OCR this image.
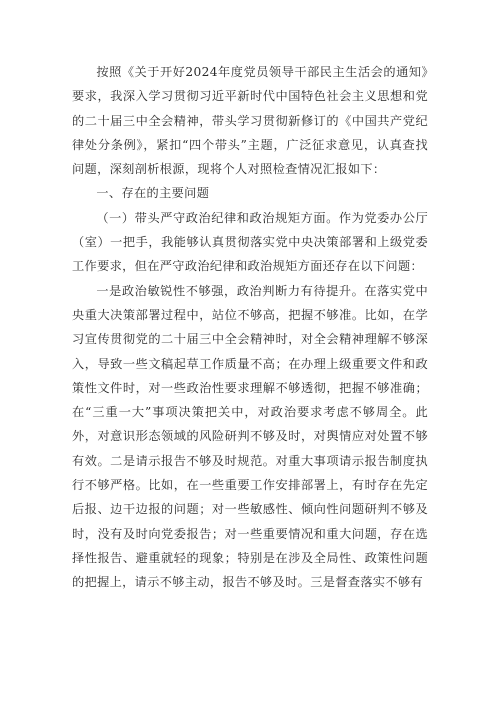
按照《关于开好2024年度党员领导干部民主生活会的通知》要求，我深入学习贯彻习近平新时代中国特色社会主义思想和党的二十届三中全会精神，带头学习贯彻新修订的《中国共产党纪律处分条例》，紧扣“四个带头”主题，广泛征求意见，认真查找问题，深刻剖析根源，现将个人对照检查情况汇报如下：

一、存在的主要问题

（一）带头严守政治纪律和政治规矩方面。作为党委办公厅（室）一把手，我能够认真贯彻落实党中央决策部署和上级党委工作要求，但在严守政治纪律和政治规矩方面还存在以下问题：

一是政治敏锐性不够强，政治判断力有待提升。在落实党中央重大决策部署过程中，站位不够高，把握不够准。比如，在学习宣传贯彻党的二十届三中全会精神时，对全会精神理解不够深入，导致一些文稿起草工作质量不高；在办理上级重要文件和政策性文件时，对一些政治性要求理解不够透彻，把握不够准确；在“三重一大”事项决策把关中，对政治要求考虑不够周全。此外，对意识形态领域的风险研判不够及时，对舆情应对处置不够有效。二是请示报告不够及时规范。对重大事项请示报告制度执行不够严格。比如，在一些重要工作安排部署上，有时存在先定后报、边干边报的问题；对一些敏感性、倾向性问题研判不够及时，没有及时向党委报告；对一些重要情况和重大问题，存在选择性报告、避重就轻的现象；特别是在涉及全局性、政策性问题的把握上，请示不够主动，报告不够及时。三是督查落实不够有
